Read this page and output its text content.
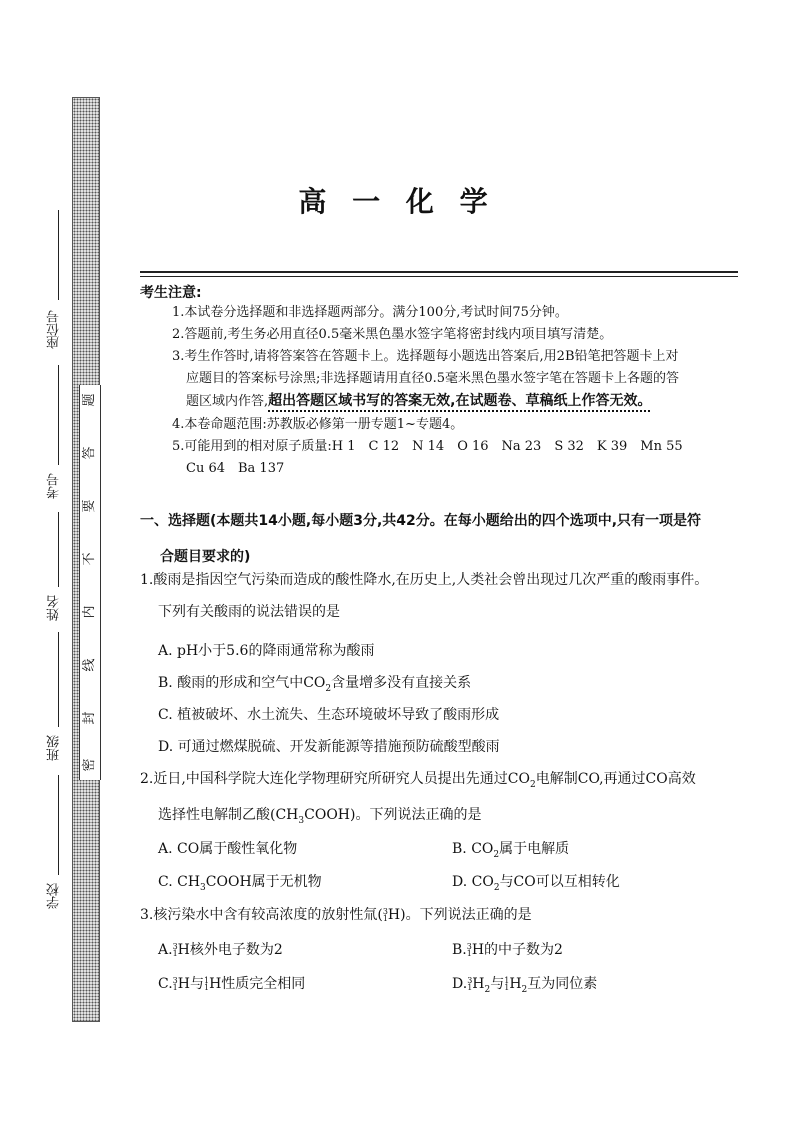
座位号
考号
姓名
班级
学校
题
答
要
不
内
线
封
密
高 一 化 学
考生注意:
1.本试卷分选择题和非选择题两部分。满分100分,考试时间75分钟。
2.答题前,考生务必用直径0.5毫米黑色墨水签字笔将密封线内项目填写清楚。
3.考生作答时,请将答案答在答题卡上。选择题每小题选出答案后,用2B铅笔把答题卡上对
应题目的答案标号涂黑;非选择题请用直径0.5毫米黑色墨水签字笔在答题卡上各题的答
题区域内作答,超出答题区域书写的答案无效,在试题卷、草稿纸上作答无效。
4.本卷命题范围:苏教版必修第一册专题1~专题4。
5.可能用到的相对原子质量:H 1　C 12　N 14　O 16　Na 23　S 32　K 39　Mn 55
Cu 64　Ba 137
一、选择题(本题共14小题,每小题3分,共42分。在每小题给出的四个选项中,只有一项是符
合题目要求的)
1.酸雨是指因空气污染而造成的酸性降水,在历史上,人类社会曾出现过几次严重的酸雨事件。
下列有关酸雨的说法错误的是
A. pH小于5.6的降雨通常称为酸雨
B. 酸雨的形成和空气中$CO_2$含量增多没有直接关系
C. 植被破坏、水土流失、生态环境破坏导致了酸雨形成
D. 可通过燃煤脱硫、开发新能源等措施预防硫酸型酸雨
2.近日,中国科学院大连化学物理研究所研究人员提出先通过$CO_2$电解制CO,再通过CO高效
选择性电解制乙酸$(CH_3COOH)$。下列说法正确的是
A. CO属于酸性氧化物	B. $CO_2$属于电解质
C. $CH_3COOH$属于无机物	D. $CO_2$与CO可以互相转化
3.核污染水中含有较高浓度的放射性氚(3
1H)。下列说法正确的是
A.3
1H核外电子数为2	B.3
1H的中子数为2
C.3
1H与1
1H性质完全相同	D.3
$1H_2$与1
$1H_2$互为同位素
